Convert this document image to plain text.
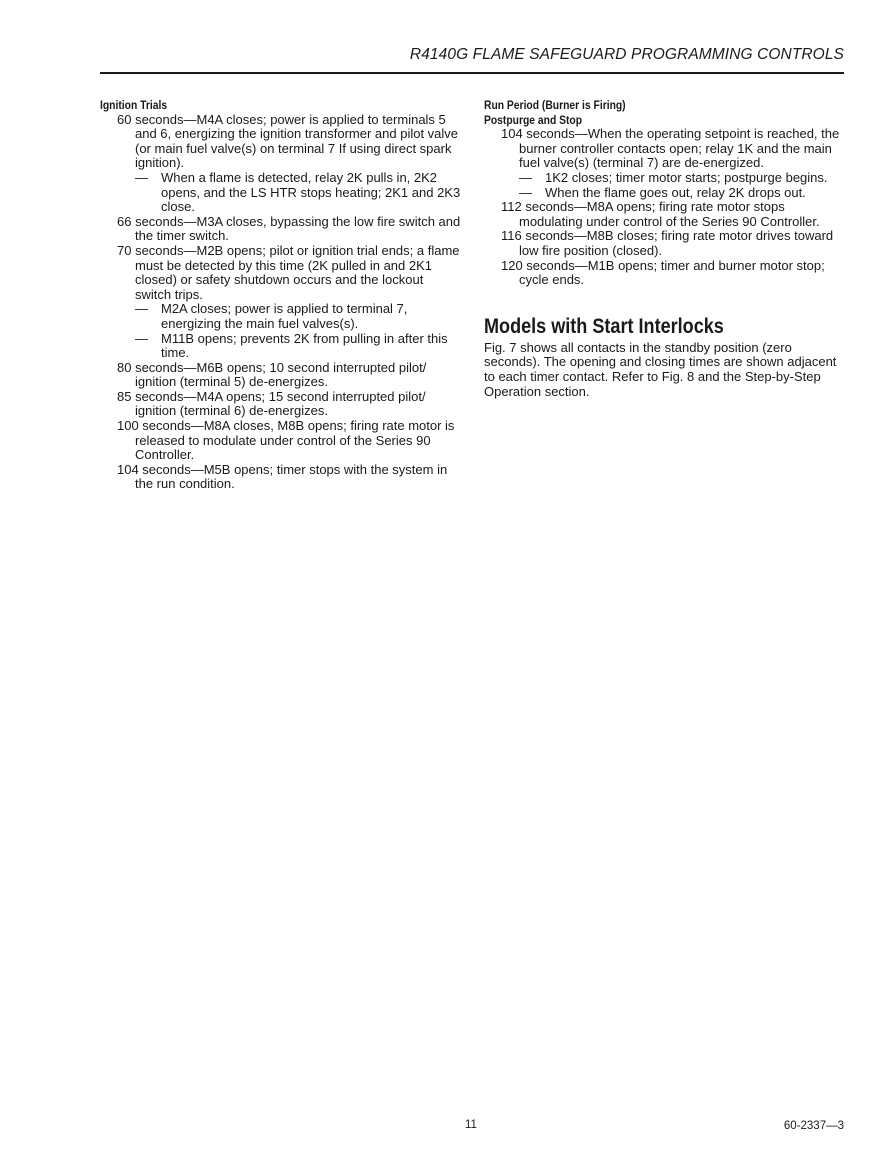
R4140G FLAME SAFEGUARD PROGRAMMING CONTROLS

Ignition Trials

60 seconds—M4A closes; power is applied to terminals 5 and 6, energizing the ignition transformer and pilot valve (or main fuel valve(s) on terminal 7 If using direct spark ignition).

— When a flame is detected, relay 2K pulls in, 2K2 opens, and the LS HTR stops heating; 2K1 and 2K3 close.

66 seconds—M3A closes, bypassing the low fire switch and the timer switch.

70 seconds—M2B opens; pilot or ignition trial ends; a flame must be detected by this time (2K pulled in and 2K1 closed) or safety shutdown occurs and the lockout switch trips.

— M2A closes; power is applied to terminal 7, energizing the main fuel valves(s).

— M11B opens; prevents 2K from pulling in after this time.

80 seconds—M6B opens; 10 second interrupted pilot/ ignition (terminal 5) de-energizes.

85 seconds—M4A opens; 15 second interrupted pilot/ ignition (terminal 6) de-energizes.

100 seconds—M8A closes, M8B opens; firing rate motor is released to modulate under control of the Series 90 Controller.

104 seconds—M5B opens; timer stops with the system in the run condition.

Run Period (Burner is Firing)

Postpurge and Stop

104 seconds—When the operating setpoint is reached, the burner controller contacts open; relay 1K and the main fuel valve(s) (terminal 7) are de-energized.

— 1K2 closes; timer motor starts; postpurge begins.

— When the flame goes out, relay 2K drops out.

112 seconds—M8A opens; firing rate motor stops modulating under control of the Series 90 Controller.

116 seconds—M8B closes; firing rate motor drives toward low fire position (closed).

120 seconds—M1B opens; timer and burner motor stop; cycle ends.

Models with Start Interlocks

Fig. 7 shows all contacts in the standby position (zero seconds). The opening and closing times are shown adjacent to each timer contact. Refer to Fig. 8 and the Step-by-Step Operation section.

11	60-2337—3
